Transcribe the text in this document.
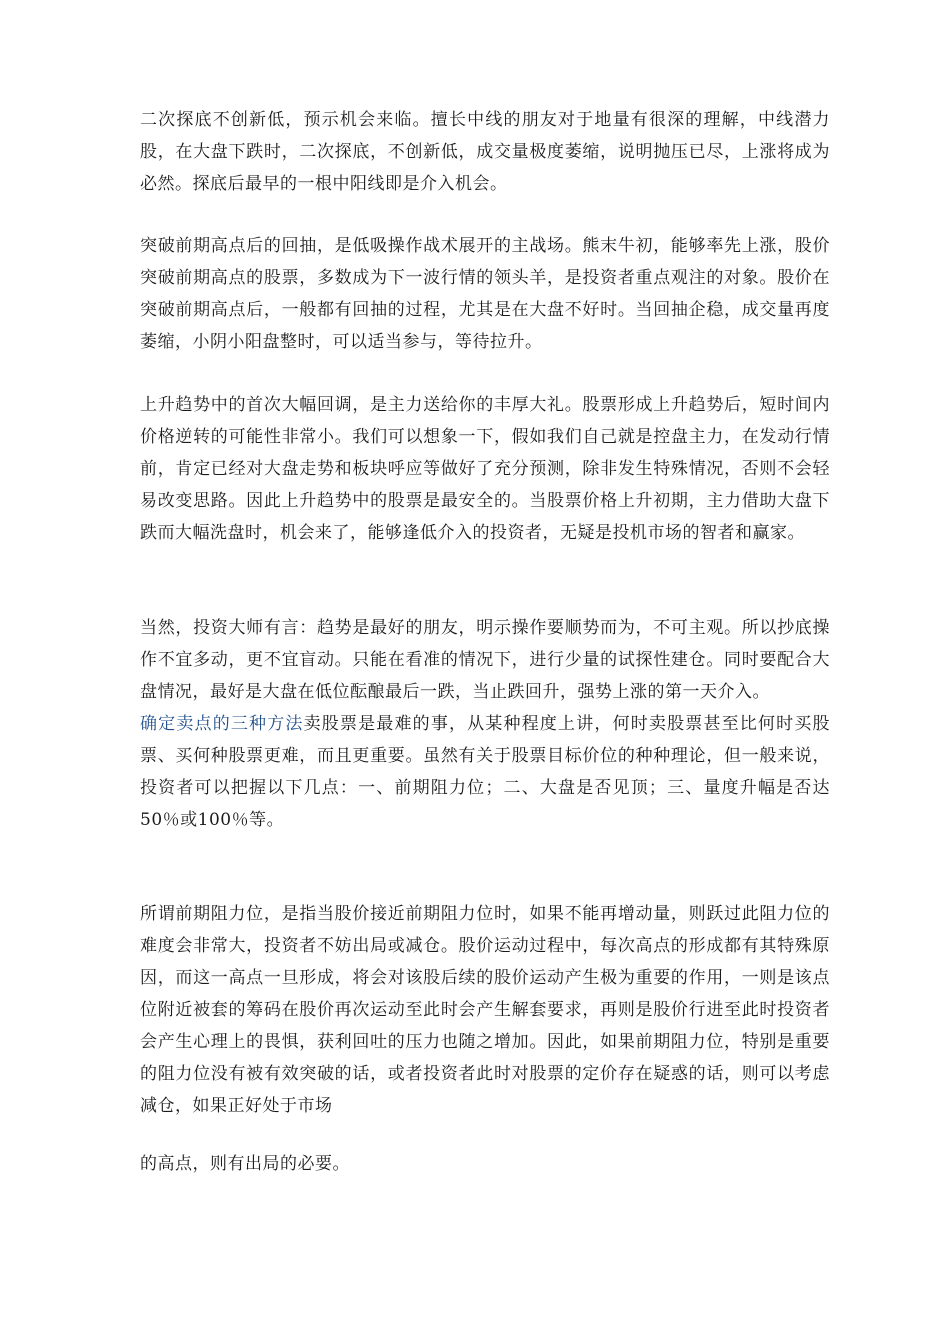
二次探底不创新低，预示机会来临。擅长中线的朋友对于地量有很深的理解，中线潜力股，在大盘下跌时，二次探底，不创新低，成交量极度萎缩，说明抛压已尽，上涨将成为必然。探底后最早的一根中阳线即是介入机会。

突破前期高点后的回抽，是低吸操作战术展开的主战场。熊末牛初，能够率先上涨，股价突破前期高点的股票，多数成为下一波行情的领头羊，是投资者重点观注的对象。股价在突破前期高点后，一般都有回抽的过程，尤其是在大盘不好时。当回抽企稳，成交量再度萎缩，小阴小阳盘整时，可以适当参与，等待拉升。

上升趋势中的首次大幅回调，是主力送给你的丰厚大礼。股票形成上升趋势后，短时间内价格逆转的可能性非常小。我们可以想象一下，假如我们自己就是控盘主力，在发动行情前，肯定已经对大盘走势和板块呼应等做好了充分预测，除非发生特殊情况，否则不会轻易改变思路。因此上升趋势中的股票是最安全的。当股票价格上升初期，主力借助大盘下跌而大幅洗盘时，机会来了，能够逢低介入的投资者，无疑是投机市场的智者和赢家。

当然，投资大师有言：趋势是最好的朋友，明示操作要顺势而为，不可主观。所以抄底操作不宜多动，更不宜盲动。只能在看准的情况下，进行少量的试探性建仓。同时要配合大盘情况，最好是大盘在低位酝酿最后一跌，当止跌回升，强势上涨的第一天介入。
确定卖点的三种方法卖股票是最难的事，从某种程度上讲，何时卖股票甚至比何时买股票、买何种股票更难，而且更重要。虽然有关于股票目标价位的种种理论，但一般来说，投资者可以把握以下几点：一、前期阻力位；二、大盘是否见顶；三、量度升幅是否达50％或100％等。

所谓前期阻力位，是指当股价接近前期阻力位时，如果不能再增动量，则跃过此阻力位的难度会非常大，投资者不妨出局或减仓。股价运动过程中，每次高点的形成都有其特殊原因，而这一高点一旦形成，将会对该股后续的股价运动产生极为重要的作用，一则是该点位附近被套的筹码在股价再次运动至此时会产生解套要求，再则是股价行进至此时投资者会产生心理上的畏惧，获利回吐的压力也随之增加。因此，如果前期阻力位，特别是重要的阻力位没有被有效突破的话，或者投资者此时对股票的定价存在疑惑的话，则可以考虑减仓，如果正好处于市场

的高点，则有出局的必要。
